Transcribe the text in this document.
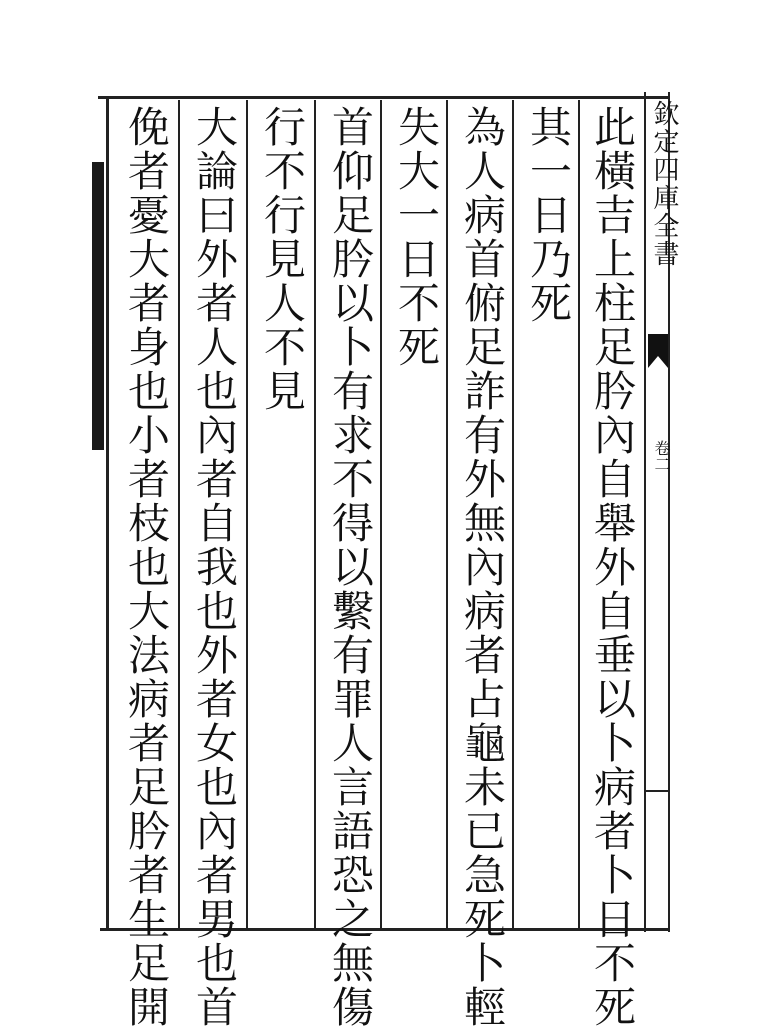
欽定四庫全書
卷二
此橫吉上柱足肣內自舉外自垂以卜病者卜日不死
其一日乃死
為人病首俯足詐有外無內病者占龜未已急死卜輕
失大一日不死
首仰足肣以卜有求不得以繫有罪人言語恐之無傷
行不行見人不見
大論曰外者人也內者自我也外者女也內者男也首
俛者憂大者身也小者枝也大法病者足肣者生足開
